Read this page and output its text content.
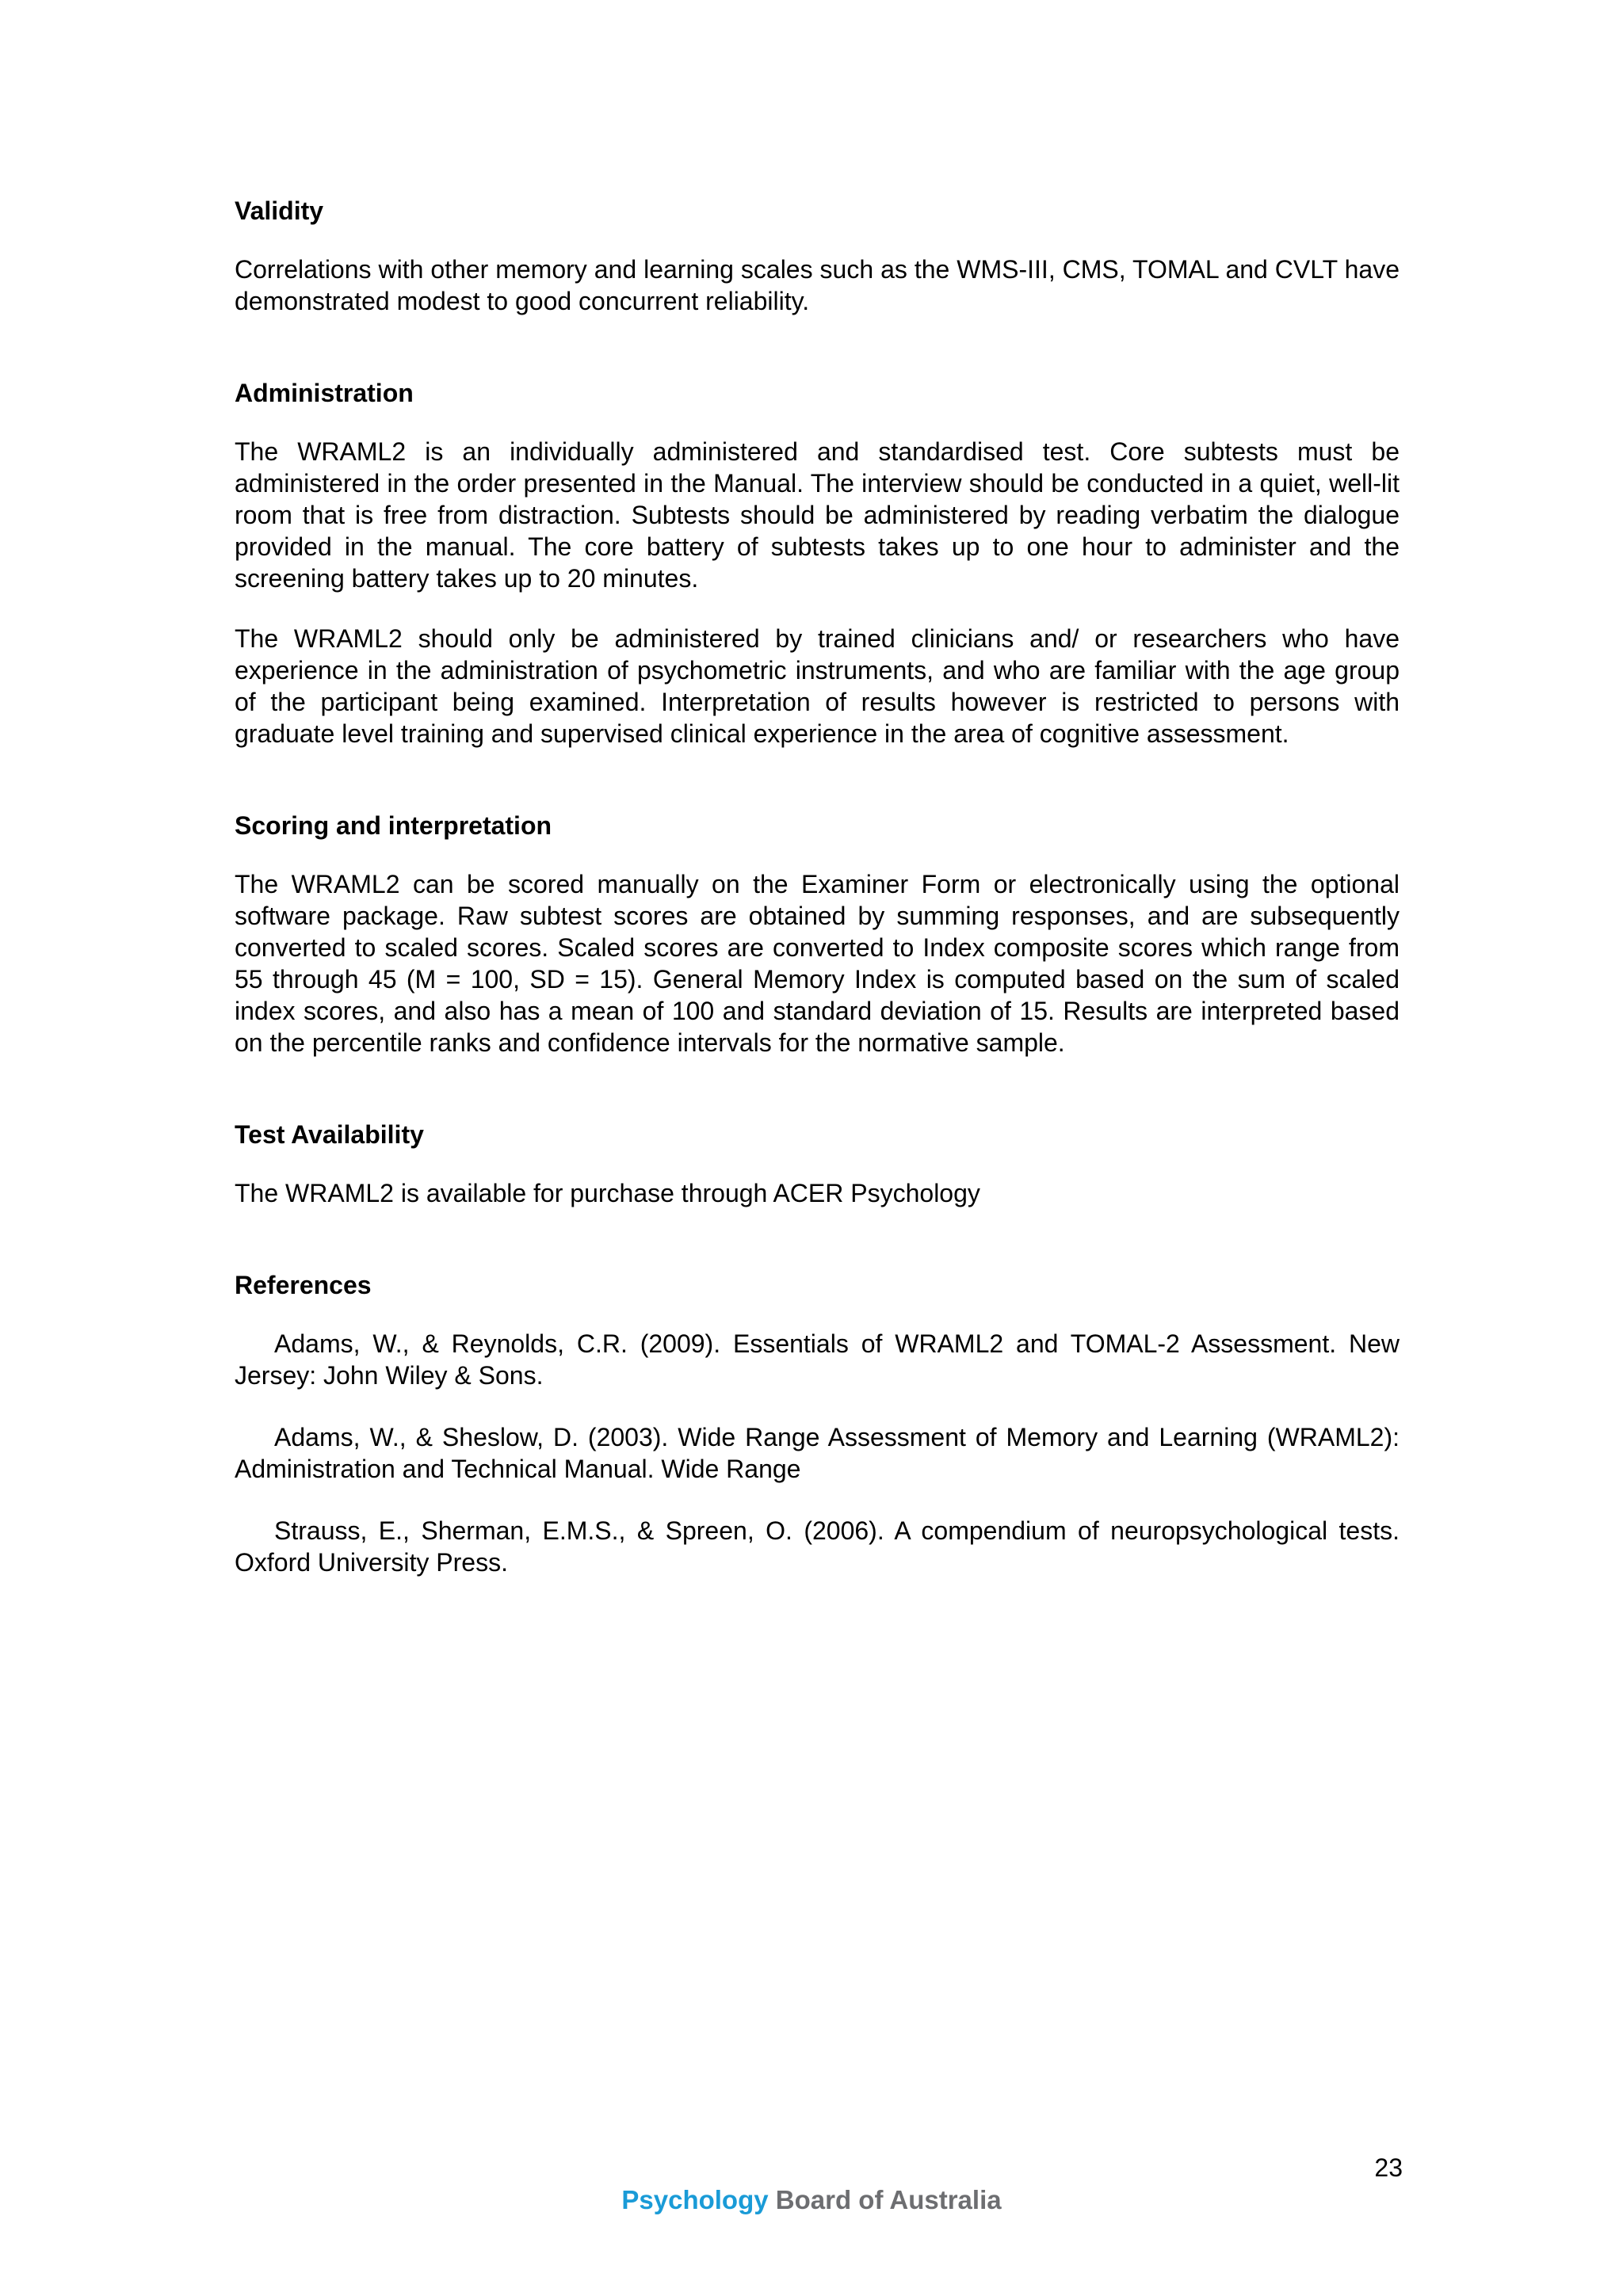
Validity

Correlations with other memory and learning scales such as the WMS-III, CMS, TOMAL and CVLT have demonstrated modest to good concurrent reliability.

Administration

The WRAML2 is an individually administered and standardised test. Core subtests must be administered in the order presented in the Manual. The interview should be conducted in a quiet, well-lit room that is free from distraction. Subtests should be administered by reading verbatim the dialogue provided in the manual. The core battery of subtests takes up to one hour to administer and the screening battery takes up to 20 minutes.

The WRAML2 should only be administered by trained clinicians and/ or researchers who have experience in the administration of psychometric instruments, and who are familiar with the age group of the participant being examined. Interpretation of results however is restricted to persons with graduate level training and supervised clinical experience in the area of cognitive assessment.

Scoring and interpretation

The WRAML2 can be scored manually on the Examiner Form or electronically using the optional software package. Raw subtest scores are obtained by summing responses, and are subsequently converted to scaled scores. Scaled scores are converted to Index composite scores which range from 55 through 45 (M = 100, SD = 15). General Memory Index is computed based on the sum of scaled index scores, and also has a mean of 100 and standard deviation of 15. Results are interpreted based on the percentile ranks and confidence intervals for the normative sample.

Test Availability

The WRAML2 is available for purchase through ACER Psychology

References

Adams, W., & Reynolds, C.R. (2009). Essentials of WRAML2 and TOMAL-2 Assessment. New Jersey: John Wiley & Sons.

Adams, W., & Sheslow, D. (2003). Wide Range Assessment of Memory and Learning (WRAML2): Administration and Technical Manual. Wide Range

Strauss, E., Sherman, E.M.S., & Spreen, O. (2006). A compendium of neuropsychological tests. Oxford University Press.

23
Psychology Board of Australia
